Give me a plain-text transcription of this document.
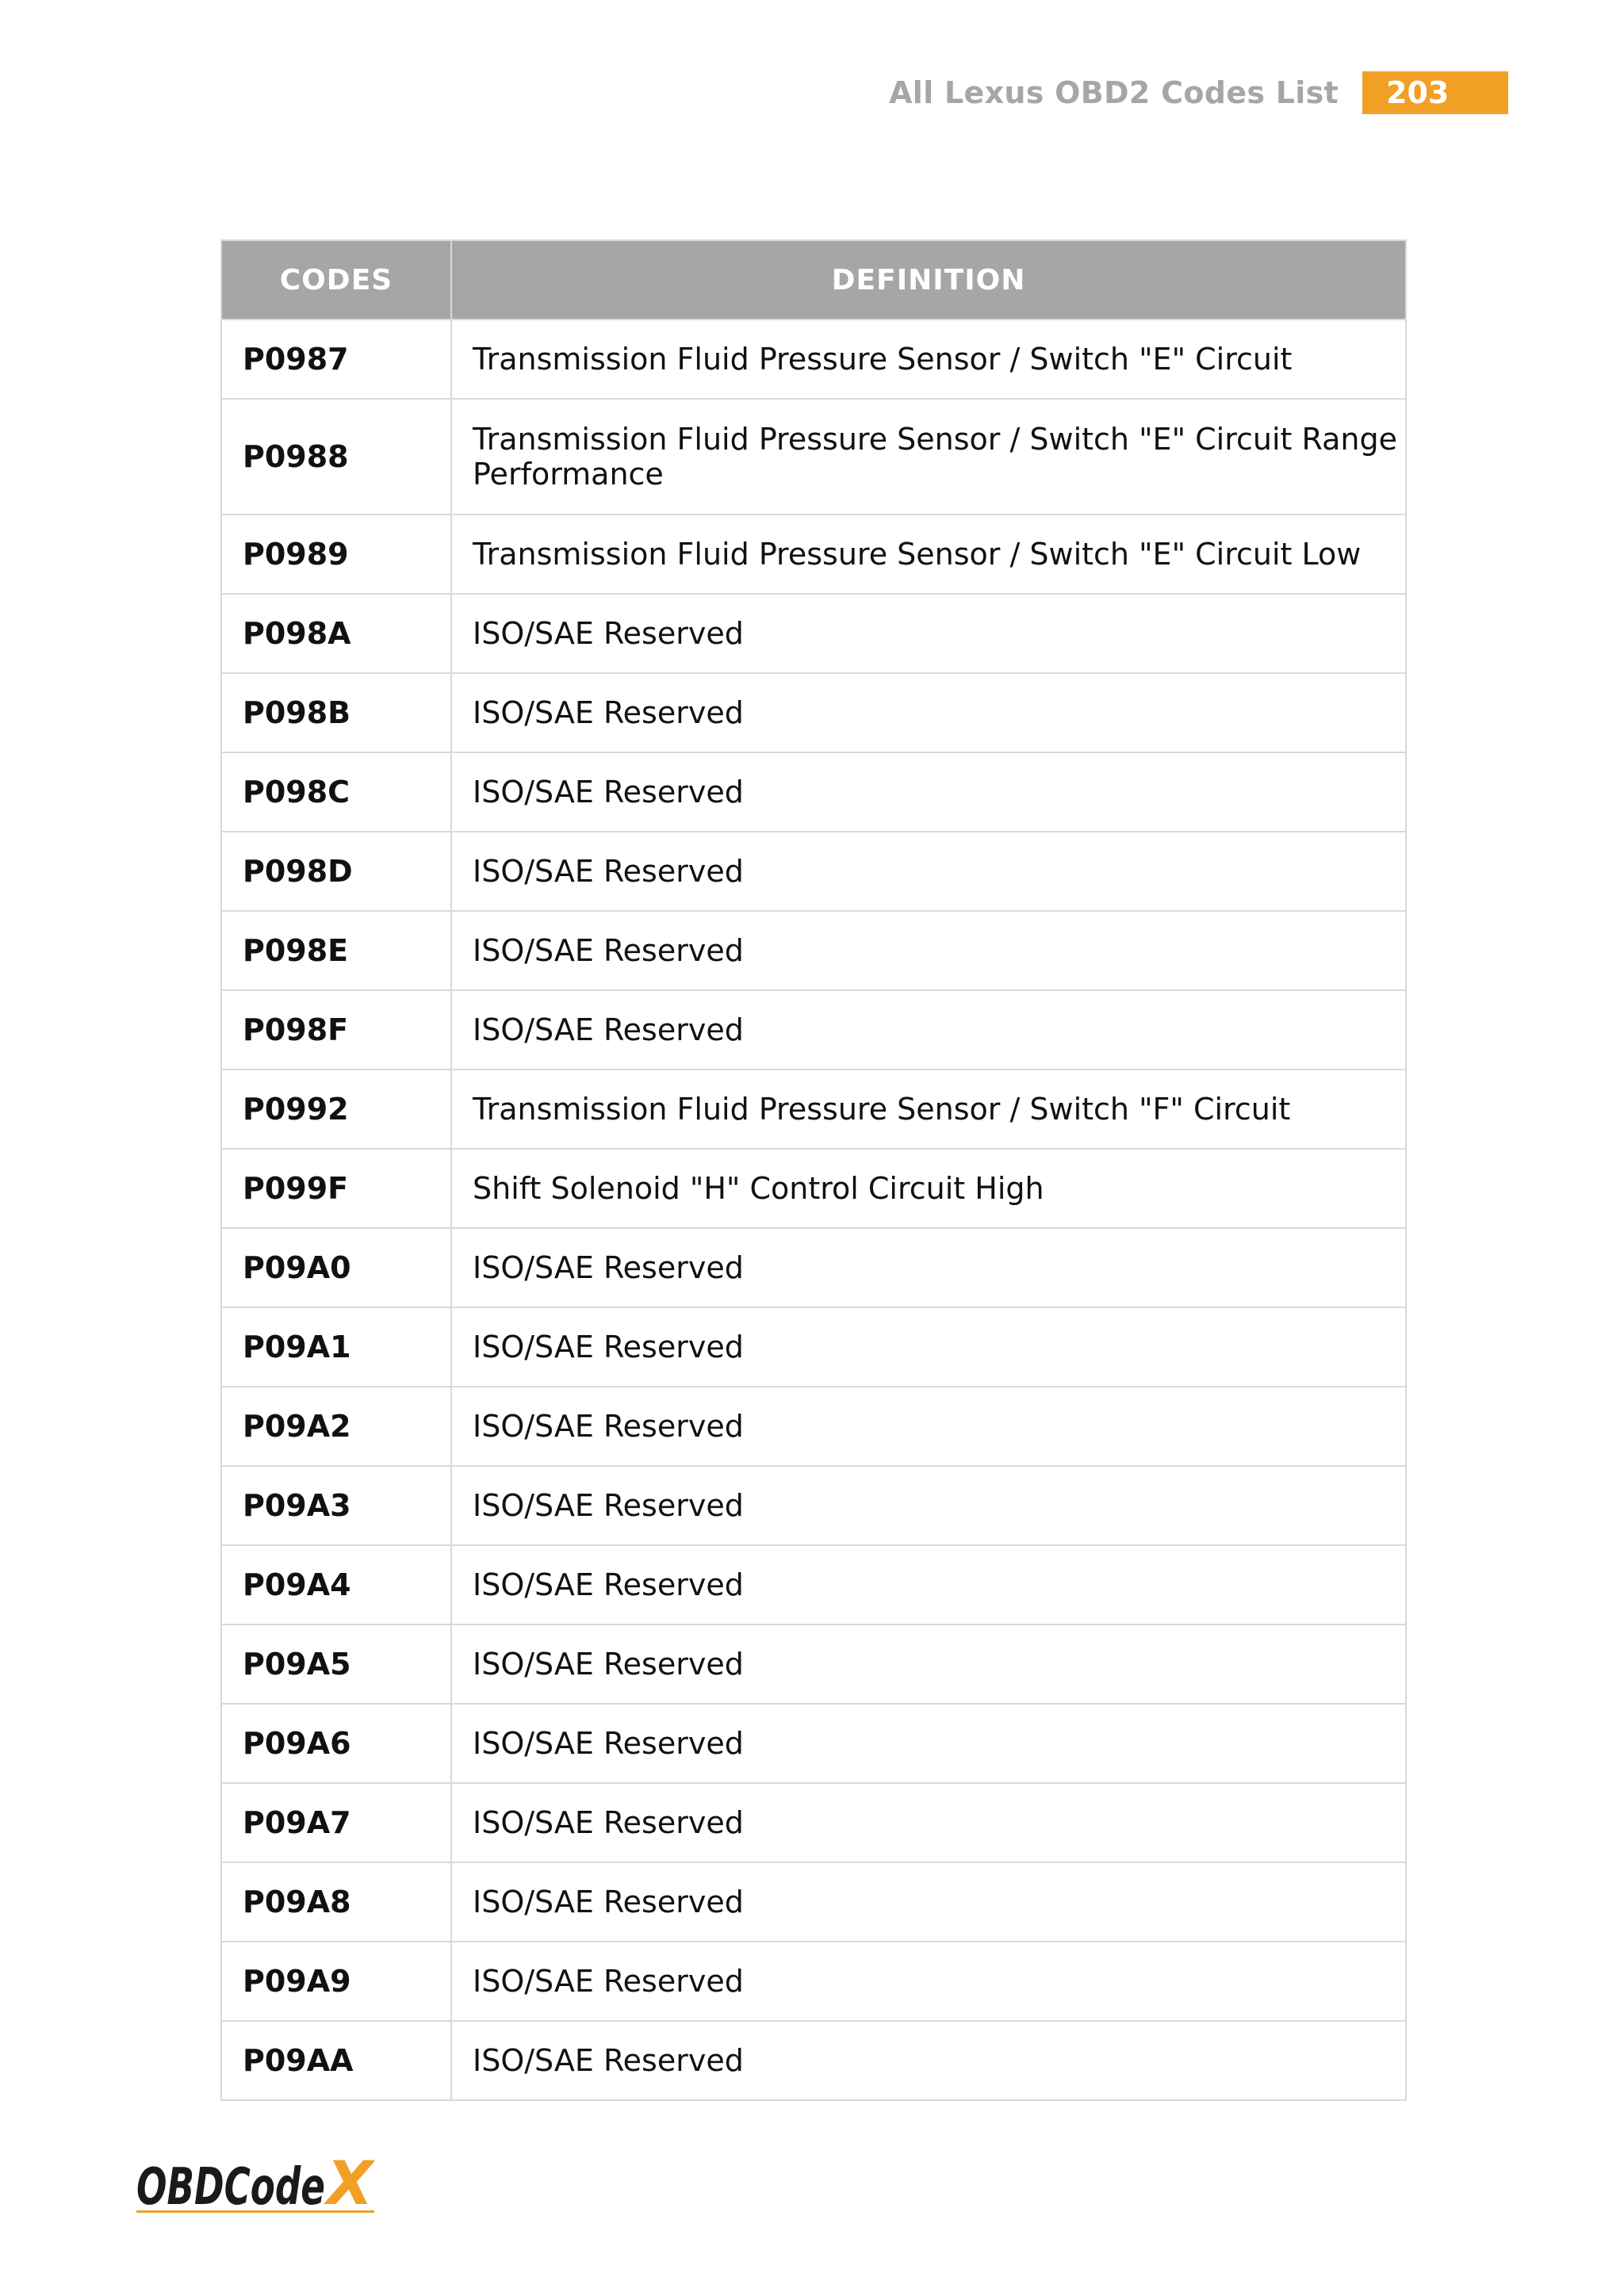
All Lexus OBD2 Codes List	203
CODES	DEFINITION
P0987	Transmission Fluid Pressure Sensor / Switch "E" Circuit
P0988	Transmission Fluid Pressure Sensor / Switch "E" Circuit Range Performance
P0989	Transmission Fluid Pressure Sensor / Switch "E" Circuit Low
P098A	ISO/SAE Reserved
P098B	ISO/SAE Reserved
P098C	ISO/SAE Reserved
P098D	ISO/SAE Reserved
P098E	ISO/SAE Reserved
P098F	ISO/SAE Reserved
P0992	Transmission Fluid Pressure Sensor / Switch "F" Circuit
P099F	Shift Solenoid "H" Control Circuit High
P09A0	ISO/SAE Reserved
P09A1	ISO/SAE Reserved
P09A2	ISO/SAE Reserved
P09A3	ISO/SAE Reserved
P09A4	ISO/SAE Reserved
P09A5	ISO/SAE Reserved
P09A6	ISO/SAE Reserved
P09A7	ISO/SAE Reserved
P09A8	ISO/SAE Reserved
P09A9	ISO/SAE Reserved
P09AA	ISO/SAE Reserved
OBDCode X
